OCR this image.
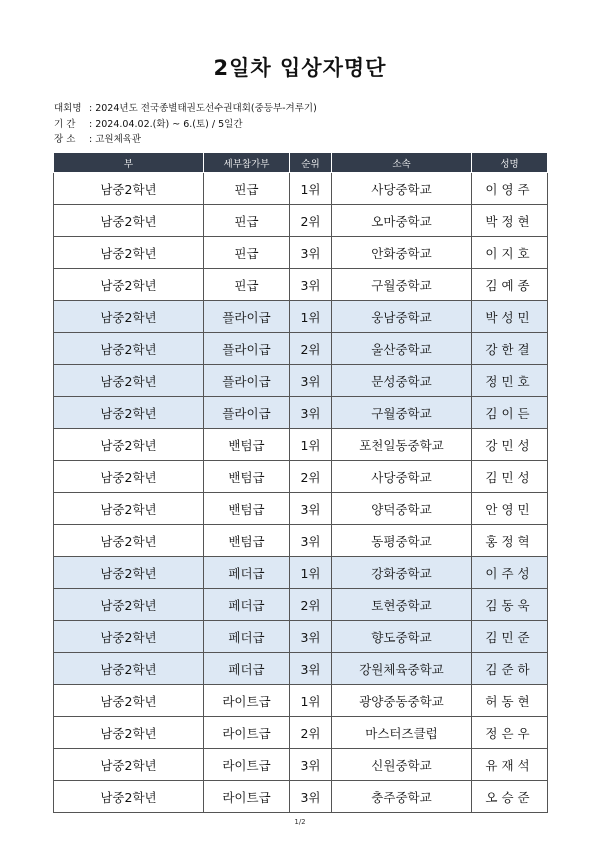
2일차 입상자명단
대회명 : 2024년도 전국종별태권도선수권대회(중등부-겨루기)
기 간 : 2024.04.02.(화) ~ 6.(토) / 5일간
장 소 : 고원체육관
부	세부참가부	순위	소속	성명
남중2학년	핀급	1위	사당중학교	이영주
남중2학년	핀급	2위	오마중학교	박정현
남중2학년	핀급	3위	안화중학교	이지호
남중2학년	핀급	3위	구월중학교	김예종
남중2학년	플라이급	1위	웅남중학교	박성민
남중2학년	플라이급	2위	울산중학교	강한결
남중2학년	플라이급	3위	문성중학교	정민호
남중2학년	플라이급	3위	구월중학교	김이든
남중2학년	밴텀급	1위	포천일동중학교	강민성
남중2학년	밴텀급	2위	사당중학교	김민성
남중2학년	밴텀급	3위	양덕중학교	안영민
남중2학년	밴텀급	3위	동평중학교	홍정혁
남중2학년	페더급	1위	강화중학교	이주성
남중2학년	페더급	2위	토현중학교	김동욱
남중2학년	페더급	3위	향도중학교	김민준
남중2학년	페더급	3위	강원체육중학교	김준하
남중2학년	라이트급	1위	광양중동중학교	허동현
남중2학년	라이트급	2위	마스터즈클럽	정은우
남중2학년	라이트급	3위	신원중학교	유재석
남중2학년	라이트급	3위	충주중학교	오승준
1/2
